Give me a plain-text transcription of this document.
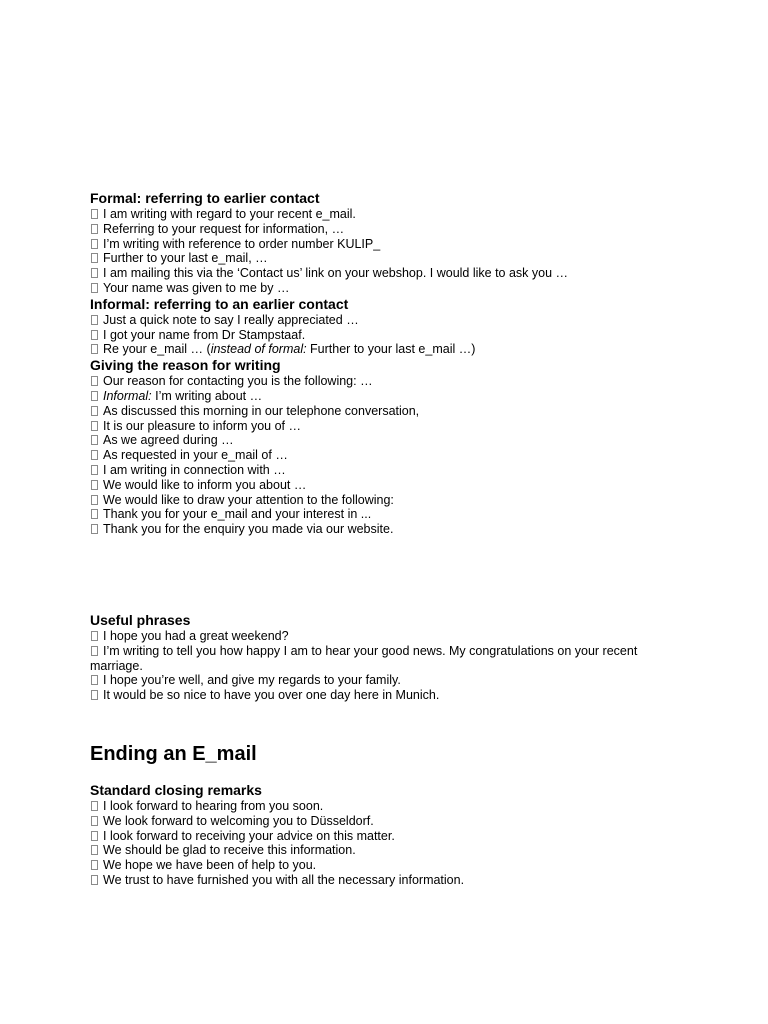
Formal: referring to earlier contact
I am writing with regard to your recent e_mail.
Referring to your request for information, …
I’m writing with reference to order number KULIP_
Further to your last e_mail, …
I am mailing this via the ‘Contact us’ link on your webshop. I would like to ask you …
Your name was given to me by …
Informal: referring to an earlier contact
Just a quick note to say I really appreciated …
I got your name from Dr Stampstaaf.
Re your e_mail … (instead of formal: Further to your last e_mail …)
Giving the reason for writing
Our reason for contacting you is the following: …
Informal: I’m writing about …
As discussed this morning in our telephone conversation,
It is our pleasure to inform you of …
As we agreed during …
As requested in your e_mail of …
I am writing in connection with …
We would like to inform you about …
We would like to draw your attention to the following:
Thank you for your e_mail and your interest in ...
Thank you for the enquiry you made via our website.
Useful phrases
I hope you had a great weekend?
I’m writing to tell you how happy I am to hear your good news. My congratulations on your recent marriage.
I hope you’re well, and give my regards to your family.
It would be so nice to have you over one day here in Munich.
Ending an E_mail
Standard closing remarks
I look forward to hearing from you soon.
We look forward to welcoming you to Düsseldorf.
I look forward to receiving your advice on this matter.
We should be glad to receive this information.
We hope we have been of help to you.
We trust to have furnished you with all the necessary information.
